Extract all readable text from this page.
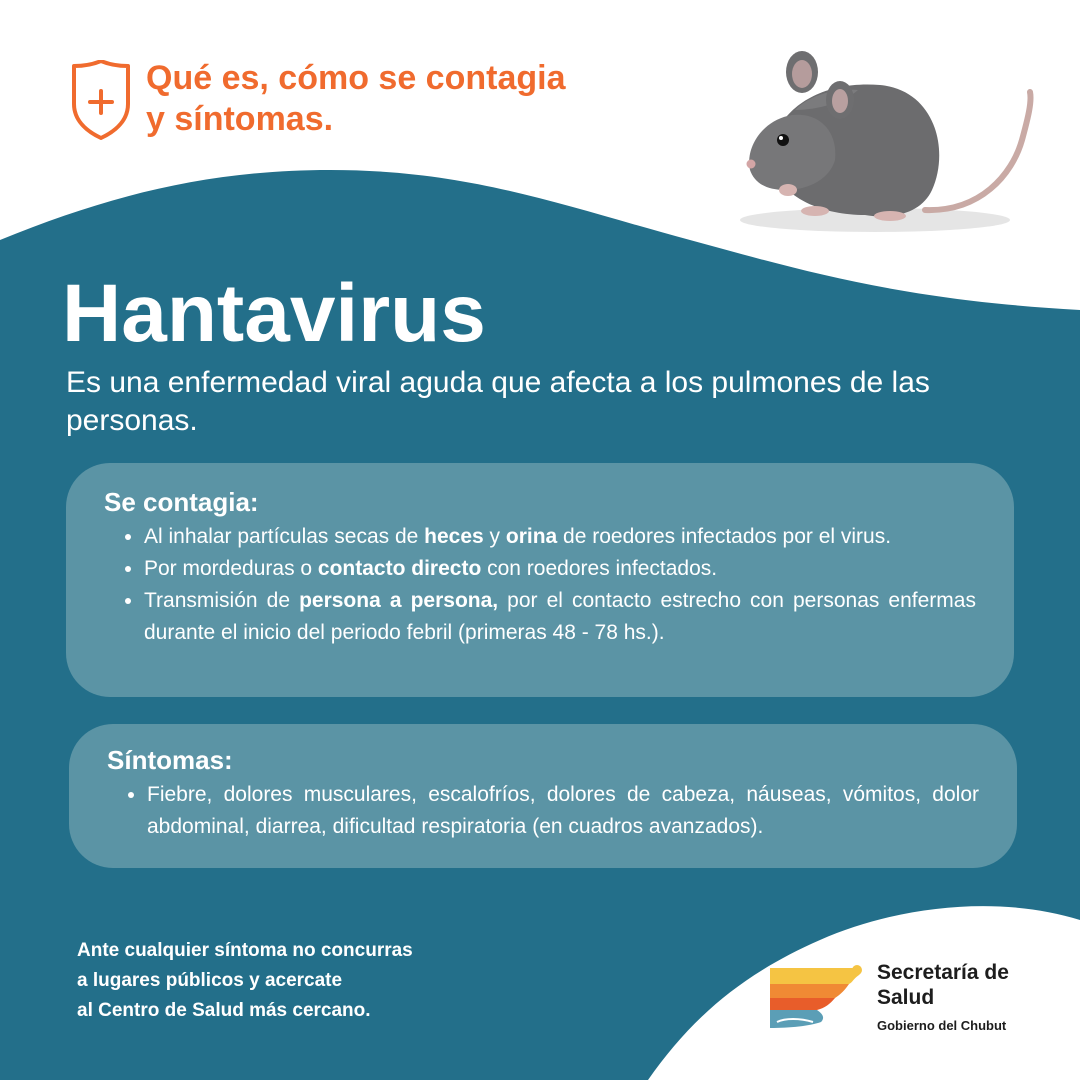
Qué es, cómo se contagia
y síntomas.
Hantavirus

Es una enfermedad viral aguda que afecta a los pulmones de las personas.

Se contagia:
• Al inhalar partículas secas de heces y orina de roedores infectados por el virus.
• Por mordeduras o contacto directo con roedores infectados.
• Transmisión de persona a persona, por el contacto estrecho con personas enfermas durante el inicio del periodo febril (primeras 48 - 78 hs.).
Síntomas:
• Fiebre, dolores musculares, escalofríos, dolores de cabeza, náuseas, vómitos, dolor abdominal, diarrea, dificultad respiratoria (en cuadros avanzados).

Ante cualquier síntoma no concurras
a lugares públicos y acercate
al Centro de Salud más cercano.

Secretaría de Salud

Gobierno del Chubut
